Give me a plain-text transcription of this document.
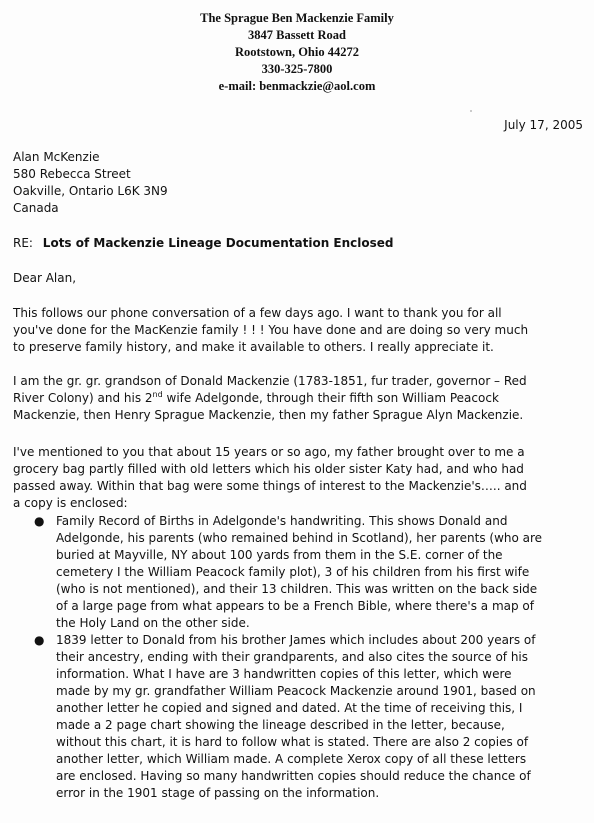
The Sprague Ben Mackenzie Family
3847 Bassett Road
Rootstown, Ohio 44272
330-325-7800
e-mail: benmackzie@aol.com
July 17, 2005
Alan McKenzie
580 Rebecca Street
Oakville, Ontario L6K 3N9
Canada
RE: Lots of Mackenzie Lineage Documentation Enclosed
Dear Alan,
This follows our phone conversation of a few days ago. I want to thank you for all
you've done for the MacKenzie family ! ! ! You have done and are doing so very much
to preserve family history, and make it available to others. I really appreciate it.
I am the gr. gr. grandson of Donald Mackenzie (1783-1851, fur trader, governor – Red
River Colony) and his 2nd wife Adelgonde, through their fifth son William Peacock
Mackenzie, then Henry Sprague Mackenzie, then my father Sprague Alyn Mackenzie.
I've mentioned to you that about 15 years or so ago, my father brought over to me a
grocery bag partly filled with old letters which his older sister Katy had, and who had
passed away. Within that bag were some things of interest to the Mackenzie's….. and
a copy is enclosed:
● Family Record of Births in Adelgonde's handwriting. This shows Donald and
Adelgonde, his parents (who remained behind in Scotland), her parents (who are
buried at Mayville, NY about 100 yards from them in the S.E. corner of the
cemetery I the William Peacock family plot), 3 of his children from his first wife
(who is not mentioned), and their 13 children. This was written on the back side
of a large page from what appears to be a French Bible, where there's a map of
the Holy Land on the other side.
● 1839 letter to Donald from his brother James which includes about 200 years of
their ancestry, ending with their grandparents, and also cites the source of his
information. What I have are 3 handwritten copies of this letter, which were
made by my gr. grandfather William Peacock Mackenzie around 1901, based on
another letter he copied and signed and dated. At the time of receiving this, I
made a 2 page chart showing the lineage described in the letter, because,
without this chart, it is hard to follow what is stated. There are also 2 copies of
another letter, which William made. A complete Xerox copy of all these letters
are enclosed. Having so many handwritten copies should reduce the chance of
error in the 1901 stage of passing on the information.
